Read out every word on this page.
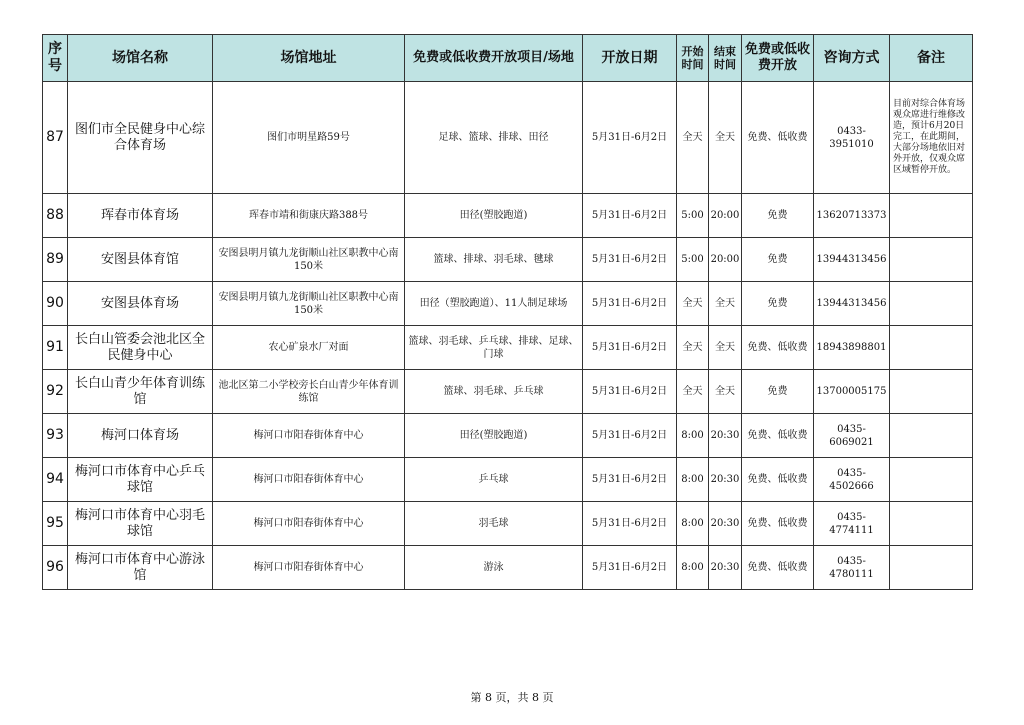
序号	场馆名称	场馆地址	免费或低收费开放项目/场地	开放日期	开始时间	结束时间	免费或低收费开放	咨询方式	备注
87	图们市全民健身中心综合体育场	图们市明星路59号	足球、篮球、排球、田径	5月31日-6月2日	全天	全天	免费、低收费	0433-3951010	目前对综合体育场观众席进行维修改造，预计6月20日完工，在此期间，大部分场地依旧对外开放，仅观众席区域暂停开放。
88	珲春市体育场	珲春市靖和街康庆路388号	田径(塑胶跑道)	5月31日-6月2日	5:00	20:00	免费	13620713373	
89	安图县体育馆	安图县明月镇九龙街顺山社区职教中心南150米	篮球、排球、羽毛球、毽球	5月31日-6月2日	5:00	20:00	免费	13944313456	
90	安图县体育场	安图县明月镇九龙街顺山社区职教中心南150米	田径（塑胶跑道）、11人制足球场	5月31日-6月2日	全天	全天	免费	13944313456	
91	长白山管委会池北区全民健身中心	农心矿泉水厂对面	篮球、羽毛球、乒乓球、排球、足球、门球	5月31日-6月2日	全天	全天	免费、低收费	18943898801	
92	长白山青少年体育训练馆	池北区第二小学校旁长白山青少年体育训练馆	篮球、羽毛球、乒乓球	5月31日-6月2日	全天	全天	免费	13700005175	
93	梅河口体育场	梅河口市阳春街体育中心	田径(塑胶跑道)	5月31日-6月2日	8:00	20:30	免费、低收费	0435-6069021	
94	梅河口市体育中心乒乓球馆	梅河口市阳春街体育中心	乒乓球	5月31日-6月2日	8:00	20:30	免费、低收费	0435-4502666	
95	梅河口市体育中心羽毛球馆	梅河口市阳春街体育中心	羽毛球	5月31日-6月2日	8:00	20:30	免费、低收费	0435-4774111	
96	梅河口市体育中心游泳馆	梅河口市阳春街体育中心	游泳	5月31日-6月2日	8:00	20:30	免费、低收费	0435-4780111	
第 8 页，共 8 页
